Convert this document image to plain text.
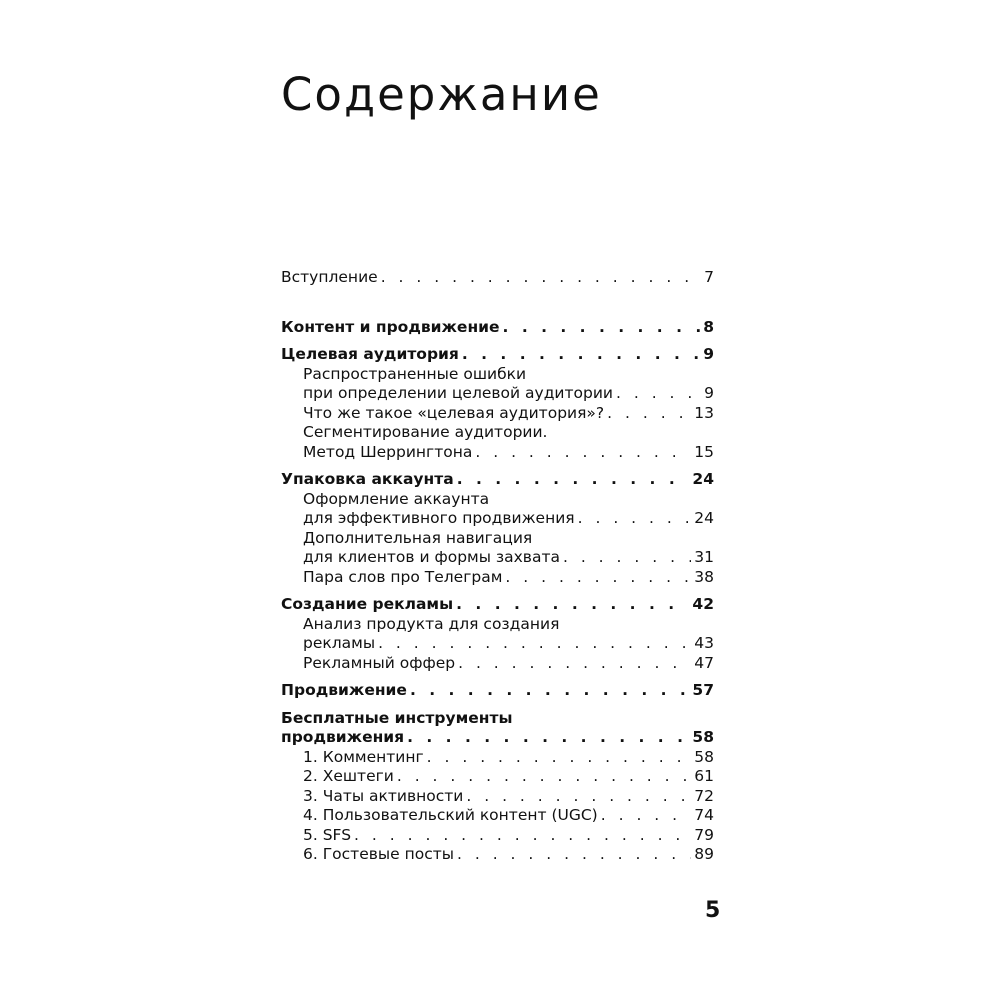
Содержание
Вступление . . .	7
Контент и продвижение . . .	8
Целевая аудитория . . .	9
Распространенные ошибки
при определении целевой аудитории . . .	9
Что же такое «целевая аудитория»? . . .	13
Сегментирование аудитории.
Метод Шеррингтона . . .	15
Упаковка аккаунта . . .	24
Оформление аккаунта
для эффективного продвижения . . .	24
Дополнительная навигация
для клиентов и формы захвата . . .	31
Пара слов про Телеграм . . .	38
Создание рекламы . . .	42
Анализ продукта для создания
рекламы . . .	43
Рекламный оффер . . .	47
Продвижение . . .	57
Бесплатные инструменты
продвижения . . .	58
1. Комментинг . . .	58
2. Хештеги . . .	61
3. Чаты активности . . .	72
4. Пользовательский контент (UGC) . . .	74
5. SFS . . .	79
6. Гостевые посты . . .	89
5
